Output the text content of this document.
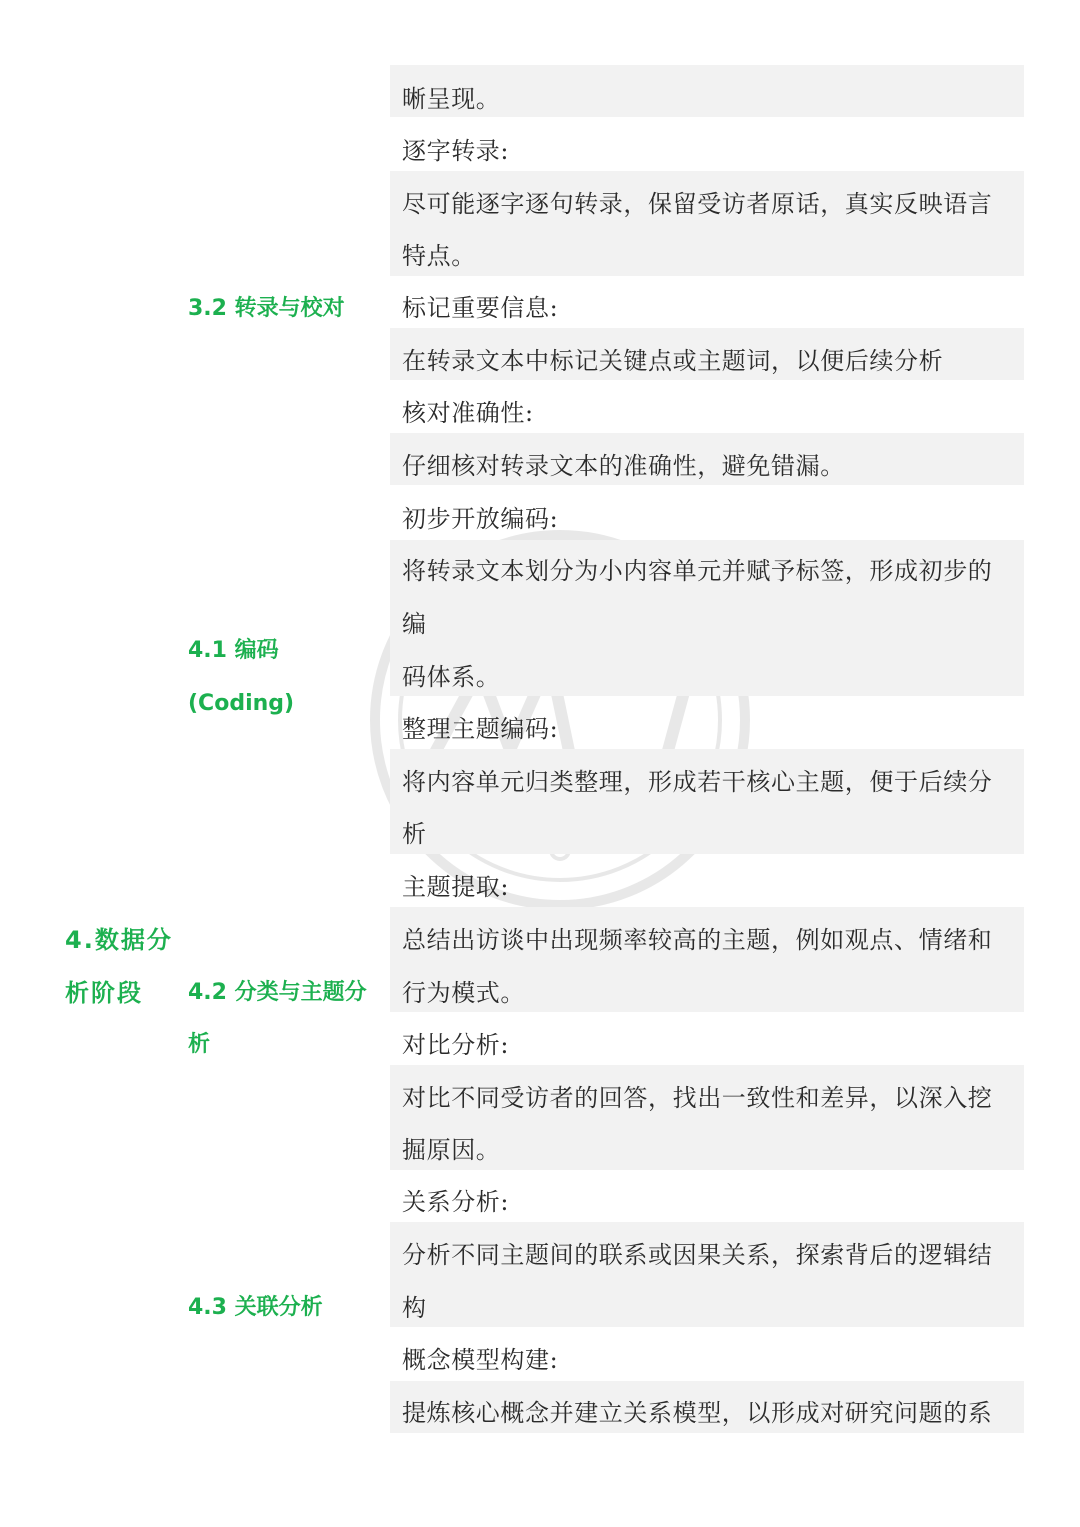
晰呈现。
逐字转录:
尽可能逐字逐句转录，保留受访者原话，真实反映语言
特点。
标记重要信息:
在转录文本中标记关键点或主题词，以便后续分析
核对准确性:
仔细核对转录文本的准确性，避免错漏。
初步开放编码:
将转录文本划分为小内容单元并赋予标签，形成初步的
编
码体系。
整理主题编码:
将内容单元归类整理，形成若干核心主题，便于后续分
析
主题提取:
总结出访谈中出现频率较高的主题，例如观点、情绪和
行为模式。
对比分析:
对比不同受访者的回答，找出一致性和差异，以深入挖
掘原因。
关系分析:
分析不同主题间的联系或因果关系，探索背后的逻辑结
构
概念模型构建:
提炼核心概念并建立关系模型，以形成对研究问题的系
3.2 转录与校对
4.1 编码
(Coding)
4.2 分类与主题分
析
4.3 关联分析
4.数据分
析阶段
